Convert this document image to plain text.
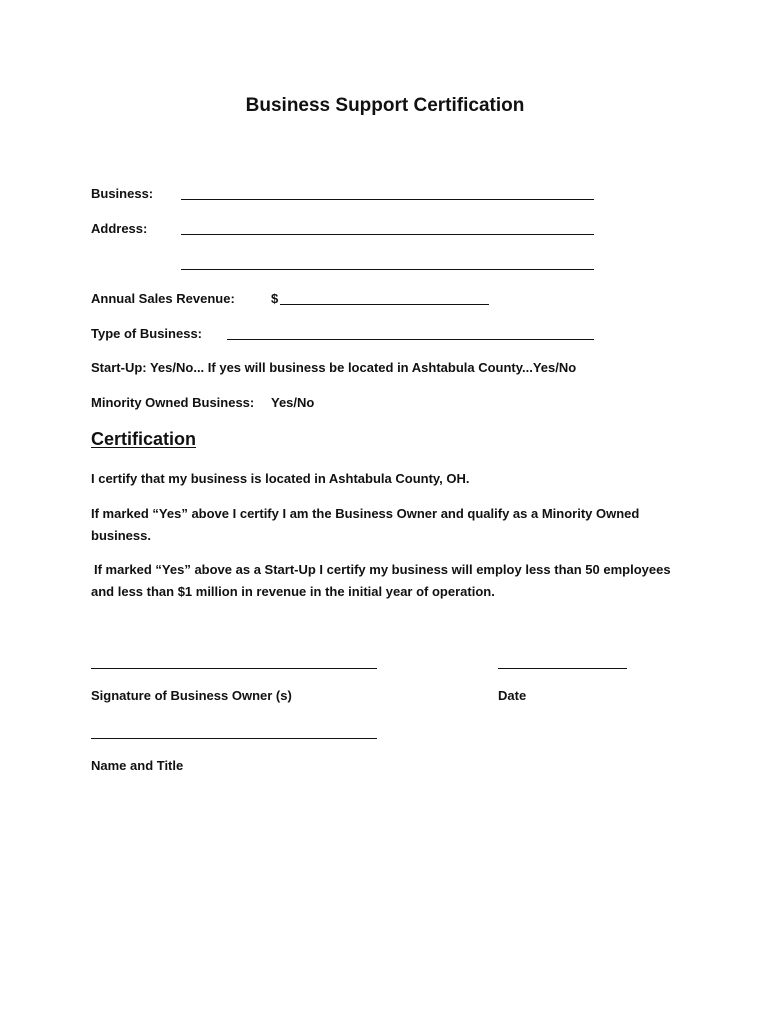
Business Support Certification
Business:
Address:
Annual Sales Revenue:	$
Type of Business:
Start-Up: Yes/No... If yes will business be located in Ashtabula County...Yes/No
Minority Owned Business: Yes/No
Certification
I certify that my business is located in Ashtabula County, OH.
If marked “Yes” above I certify I am the Business Owner and qualify as a Minority Owned business.
If marked “Yes” above as a Start-Up I certify my business will employ less than 50 employees and less than $1 million in revenue in the initial year of operation.
Signature of Business Owner (s)	Date
Name and Title
